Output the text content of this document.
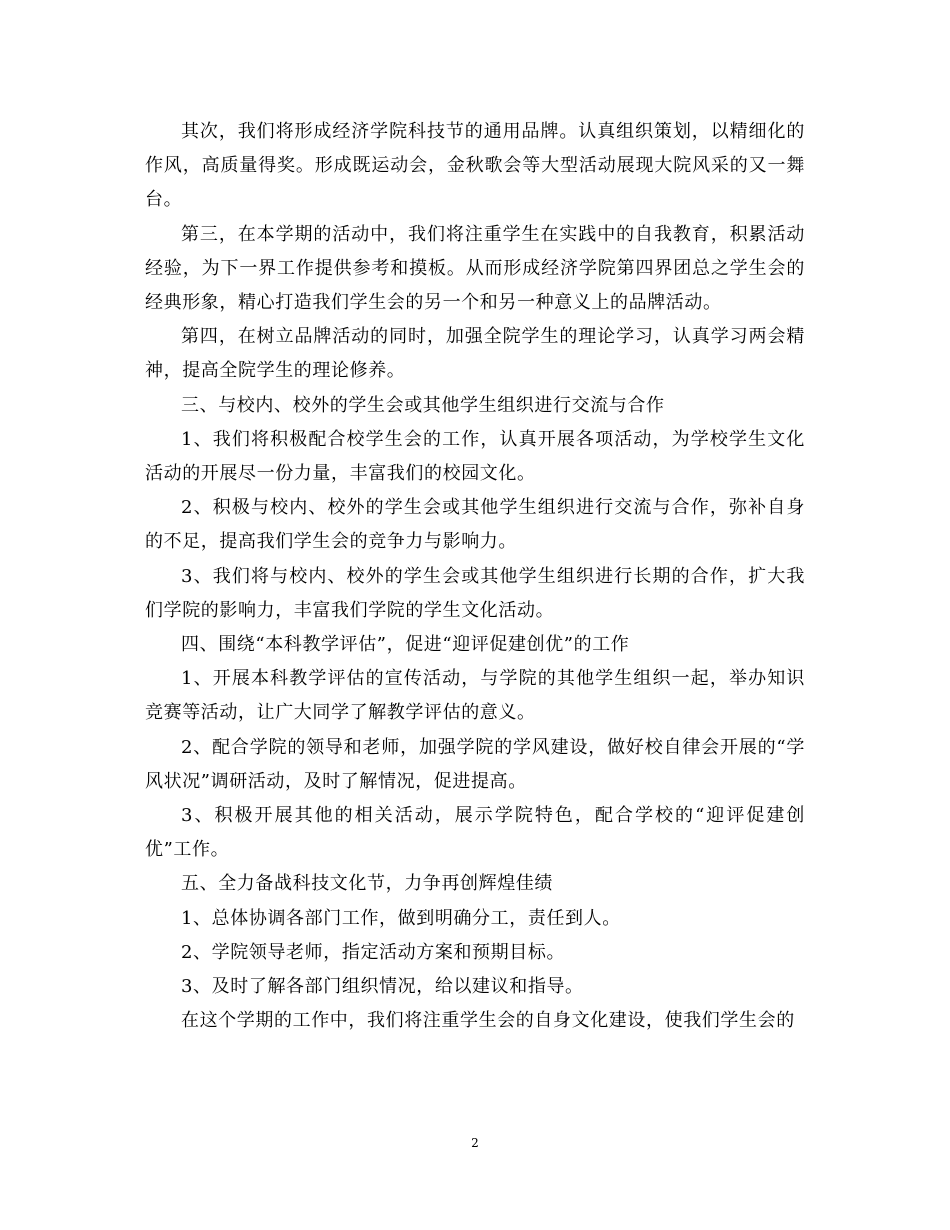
其次，我们将形成经济学院科技节的通用品牌。认真组织策划，以精细化的作风，高质量得奖。形成既运动会，金秋歌会等大型活动展现大院风采的又一舞台。

第三，在本学期的活动中，我们将注重学生在实践中的自我教育，积累活动经验，为下一界工作提供参考和摸板。从而形成经济学院第四界团总之学生会的经典形象，精心打造我们学生会的另一个和另一种意义上的品牌活动。

第四，在树立品牌活动的同时，加强全院学生的理论学习，认真学习两会精神，提高全院学生的理论修养。

三、与校内、校外的学生会或其他学生组织进行交流与合作

1、我们将积极配合校学生会的工作，认真开展各项活动，为学校学生文化活动的开展尽一份力量，丰富我们的校园文化。

2、积极与校内、校外的学生会或其他学生组织进行交流与合作，弥补自身的不足，提高我们学生会的竞争力与影响力。

3、我们将与校内、校外的学生会或其他学生组织进行长期的合作，扩大我们学院的影响力，丰富我们学院的学生文化活动。

四、围绕“本科教学评估”，促进“迎评促建创优”的工作

1、开展本科教学评估的宣传活动，与学院的其他学生组织一起，举办知识竞赛等活动，让广大同学了解教学评估的意义。

2、配合学院的领导和老师，加强学院的学风建设，做好校自律会开展的“学风状况”调研活动，及时了解情况，促进提高。

3、积极开展其他的相关活动，展示学院特色，配合学校的“迎评促建创优”工作。

五、全力备战科技文化节，力争再创辉煌佳绩

1、总体协调各部门工作，做到明确分工，责任到人。

2、学院领导老师，指定活动方案和预期目标。

3、及时了解各部门组织情况，给以建议和指导。

在这个学期的工作中，我们将注重学生会的自身文化建设，使我们学生会的

2
